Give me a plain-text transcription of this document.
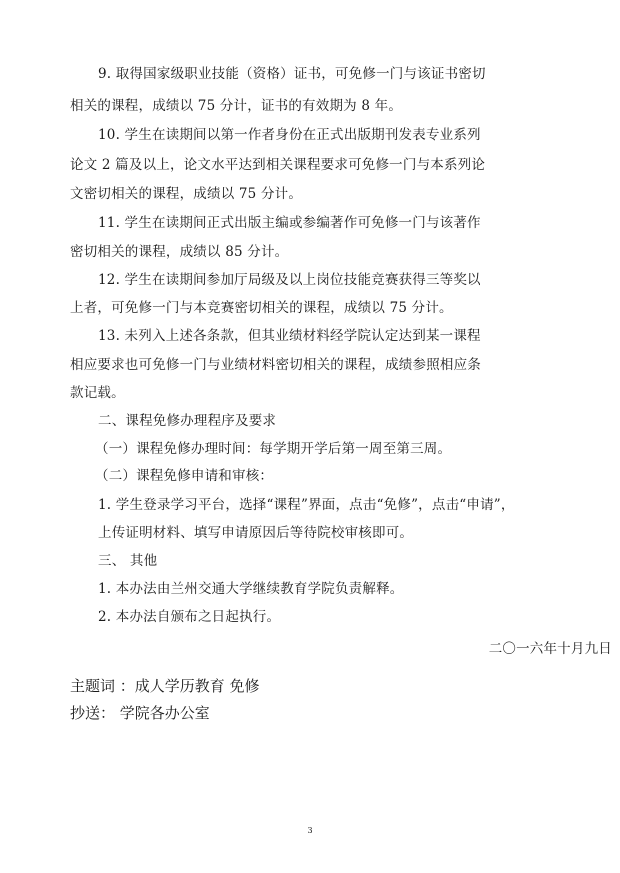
9. 取得国家级职业技能（资格）证书，可免修一门与该证书密切
相关的课程，成绩以 75 分计，证书的有效期为 8 年。
10. 学生在读期间以第一作者身份在正式出版期刊发表专业系列
论文 2 篇及以上，论文水平达到相关课程要求可免修一门与本系列论
文密切相关的课程，成绩以 75 分计。
11. 学生在读期间正式出版主编或参编著作可免修一门与该著作
密切相关的课程，成绩以 85 分计。
12. 学生在读期间参加厅局级及以上岗位技能竞赛获得三等奖以
上者，可免修一门与本竞赛密切相关的课程，成绩以 75 分计。
13. 未列入上述各条款，但其业绩材料经学院认定达到某一课程
相应要求也可免修一门与业绩材料密切相关的课程，成绩参照相应条
款记载。
二、课程免修办理程序及要求
（一）课程免修办理时间：每学期开学后第一周至第三周。
（二）课程免修申请和审核：
1. 学生登录学习平台，选择“课程”界面，点击“免修”，点击“申请”，
上传证明材料、填写申请原因后等待院校审核即可。
三、 其他
1. 本办法由兰州交通大学继续教育学院负责解释。
2. 本办法自颁布之日起执行。
二〇一六年十月九日
主题词 ：成人学历教育 免修
抄送： 学院各办公室
3
